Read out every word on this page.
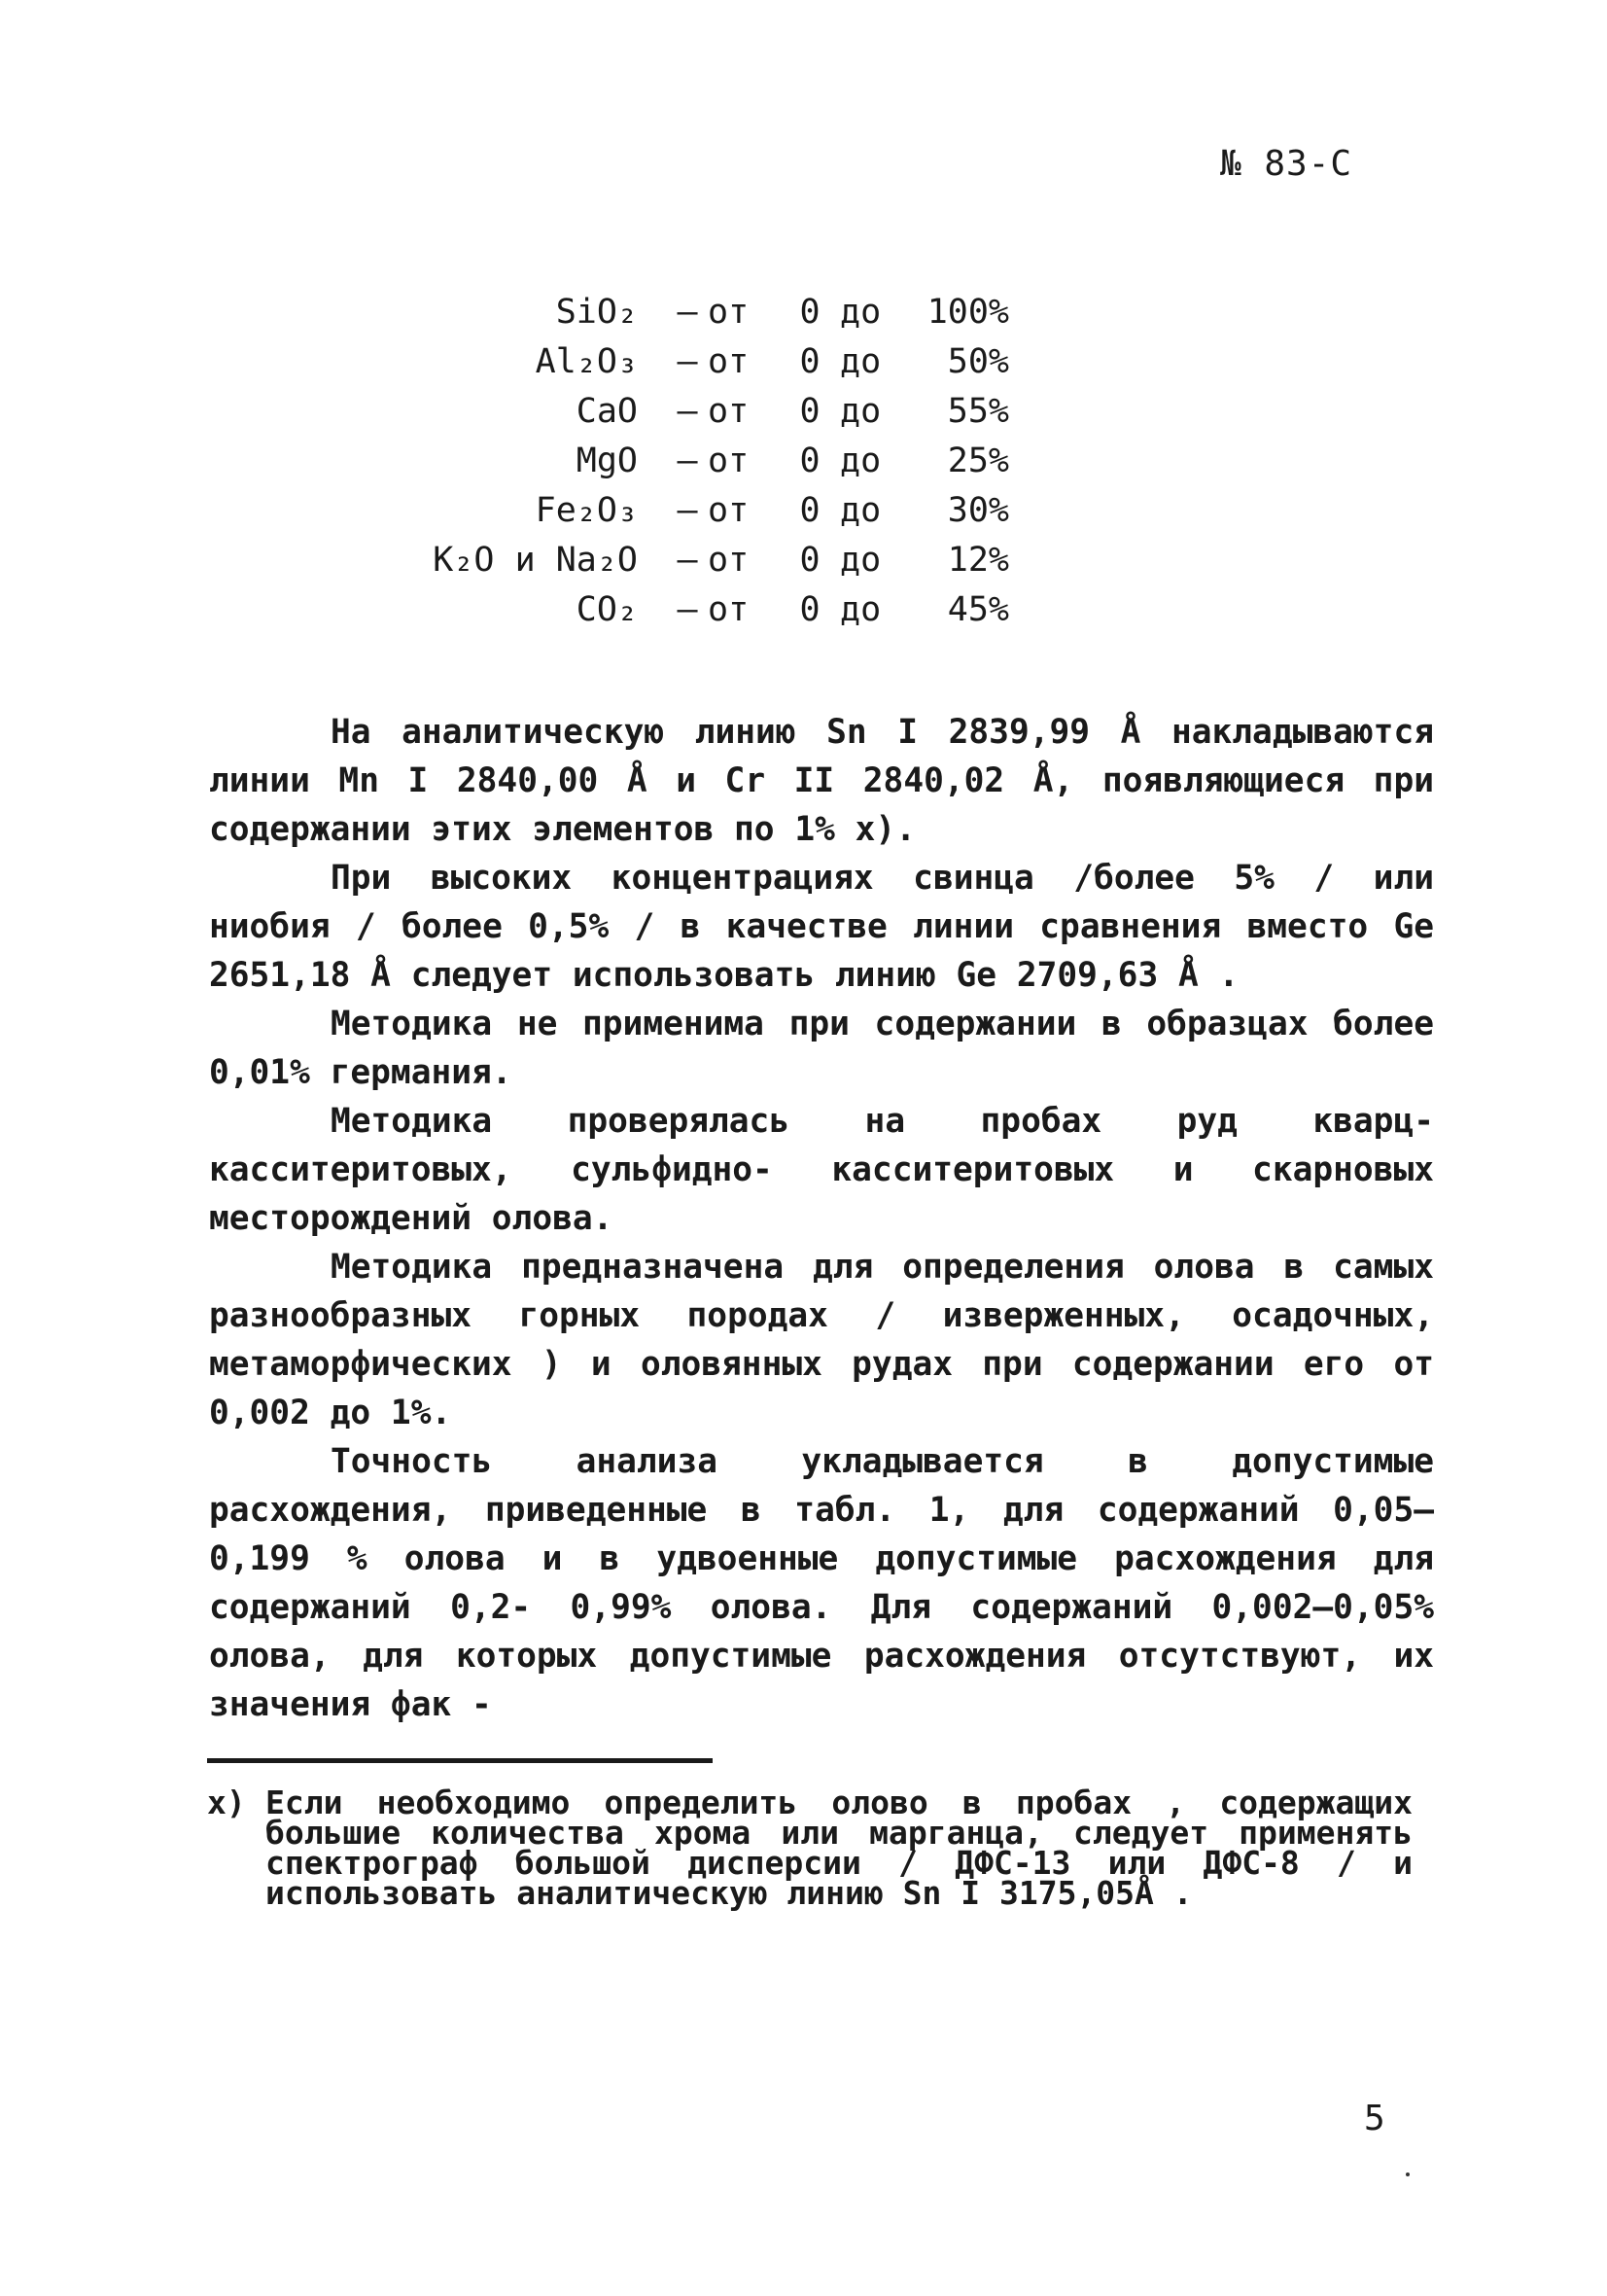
№ 83-С
SiO₂	–	от	0	до	100%
Al₂O₃	–	от	0	до	50%
CaO	–	от	0	до	55%
MgO	–	от	0	до	25%
Fe₂O₃	–	от	0	до	30%
K₂O и Na₂O	–	от	0	до	12%
CO₂	–	от	0	до	45%

На аналитическую линию Sn I 2839,99 Å накладываются линии Mn I 2840,00 Å и Cr II 2840,02 Å, появляющиеся при содержании этих элементов по 1% x).

При высоких концентрациях свинца /более 5% / или ниобия / более 0,5% / в качестве линии сравнения вместо Ge 2651,18 Å следует использовать линию Ge 2709,63 Å .

Методика не применима при содержании в образцах более 0,01% германия.

Методика проверялась на пробах руд кварц-касситеритовых, сульфидно- касситеритовых и скарновых месторождений олова.

Методика предназначена для определения олова в самых разнообразных горных породах / изверженных, осадочных, метаморфических ) и оловянных рудах при содержании его от 0,002 до 1%.

Точность анализа укладывается в допустимые расхождения, приведенные в табл. 1, для содержаний 0,05–0,199 % олова и в удвоенные допустимые расхождения для содержаний 0,2- 0,99% олова. Для содержаний 0,002–0,05% олова, для которых допустимые расхождения отсутствуют, их значения фак -

x) Если необходимо определить олово в пробах , содержащих большие количества хрома или марганца, следует применять спектрограф большой дисперсии / ДФС-13 или ДФС-8 / и использовать аналитическую линию Sn I 3175,05Å .
5
